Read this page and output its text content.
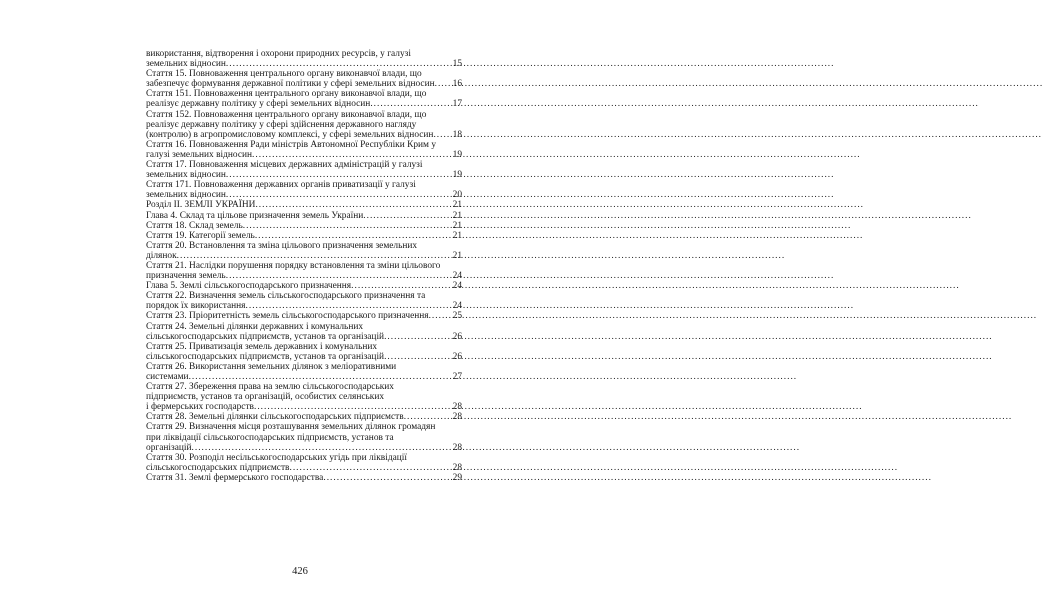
використання, відтворення і охорони природних ресурсів, у галузі
земельних відносин .....	15
Стаття 15. Повноваження центрального органу виконавчої влади, що
забезпечує формування державної політики у сфері земельних відносин .....	16
Стаття 151. Повноваження центрального органу виконавчої влади, що
реалізує державну політику у сфері земельних відносин .....	17
Стаття 152. Повноваження центрального органу виконавчої влади, що
реалізує державну політику у сфері здійснення державного нагляду
(контролю) в агропромисловому комплексі, у сфері земельних відносин .....	18
Стаття 16. Повноваження Ради міністрів Автономної Республіки Крим у
галузі земельних відносин .....	19
Стаття 17. Повноваження місцевих державних адміністрацій у галузі
земельних відносин .....	19
Стаття 171. Повноваження державних органів приватизації у галузі
земельних відносин .....	20
Розділ II. ЗЕМЛІ УКРАЇНИ .....	21
Глава 4. Склад та цільове призначення земель України .....	21
Стаття 18. Склад земель .....	21
Стаття 19. Категорії земель .....	21
Стаття 20. Встановлення та зміна цільового призначення земельних
ділянок .....	21
Стаття 21. Наслідки порушення порядку встановлення та зміни цільового
призначення земель .....	24
Глава 5. Землі сільськогосподарського призначення .....	24
Стаття 22. Визначення земель сільськогосподарського призначення та
порядок їх використання .....	24
Стаття 23. Пріоритетність земель сільськогосподарського призначення .....	25
Стаття 24. Земельні ділянки державних і комунальних
сільськогосподарських підприємств, установ та організацій .....	26
Стаття 25. Приватизація земель державних і комунальних
сільськогосподарських підприємств, установ та організацій .....	26
Стаття 26. Використання земельних ділянок з меліоративними
системами .....	27
Стаття 27. Збереження права на землю сільськогосподарських
підприємств, установ та організацій, особистих селянських
і фермерських господарств .....	28
Стаття 28. Земельні ділянки сільськогосподарських підприємств .....	28
Стаття 29. Визначення місця розташування земельних ділянок громадян
при ліквідації сільськогосподарських підприємств, установ та
організацій .....	28
Стаття 30. Розподіл несільськогосподарських угідь при ліквідації
сільськогосподарських підприємств .....	28
Стаття 31. Землі фермерського господарства .....	29
426
